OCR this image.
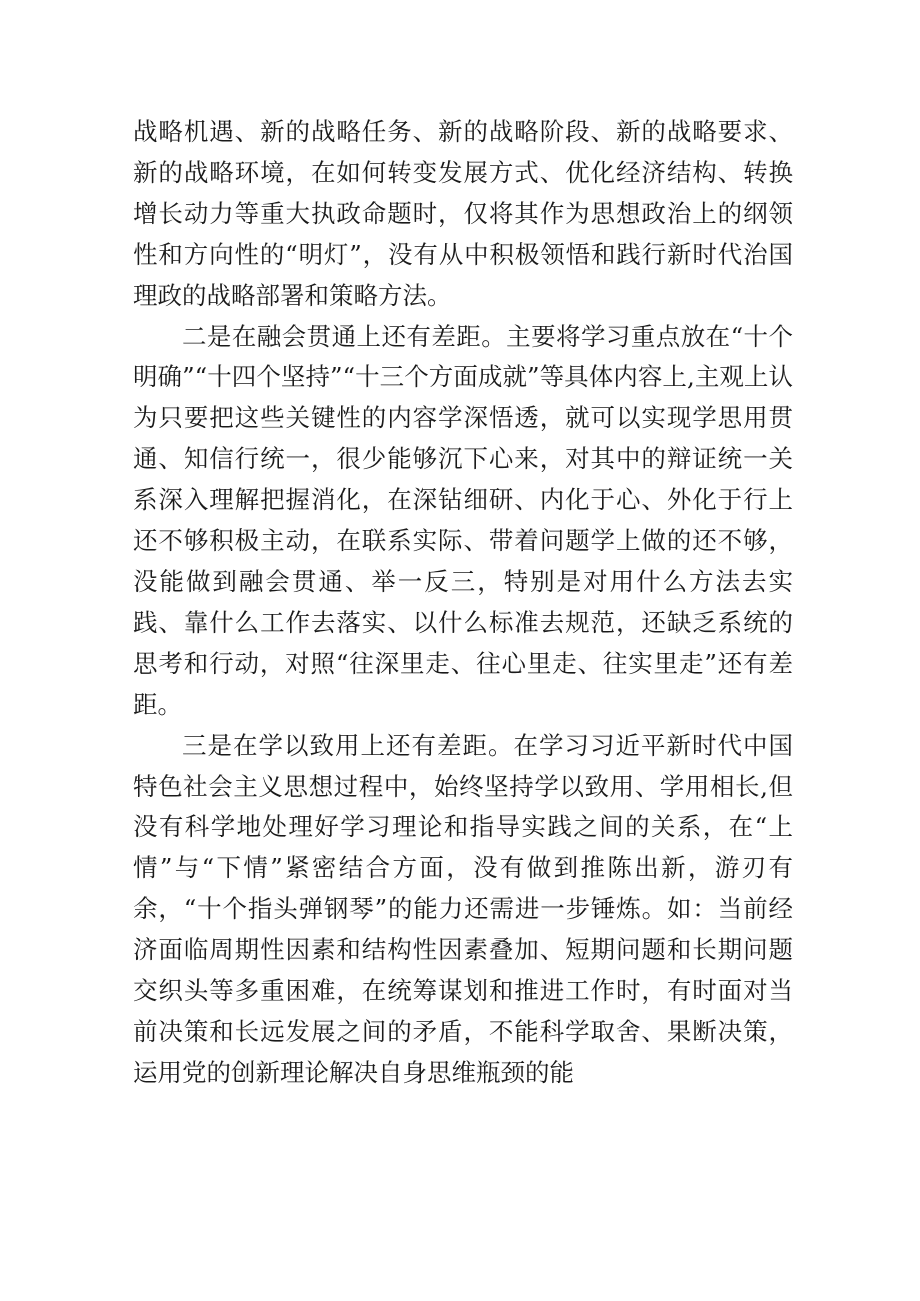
战略机遇、新的战略任务、新的战略阶段、新的战略要求、新的战略环境，在如何转变发展方式、优化经济结构、转换增长动力等重大执政命题时，仅将其作为思想政治上的纲领性和方向性的“明灯”，没有从中积极领悟和践行新时代治国理政的战略部署和策略方法。

二是在融会贯通上还有差距。主要将学习重点放在“十个明确”“十四个坚持”“十三个方面成就”等具体内容上,主观上认为只要把这些关键性的内容学深悟透，就可以实现学思用贯通、知信行统一，很少能够沉下心来，对其中的辩证统一关系深入理解把握消化，在深钻细研、内化于心、外化于行上还不够积极主动，在联系实际、带着问题学上做的还不够，没能做到融会贯通、举一反三，特别是对用什么方法去实践、靠什么工作去落实、以什么标准去规范，还缺乏系统的思考和行动，对照“往深里走、往心里走、往实里走”还有差距。

三是在学以致用上还有差距。在学习习近平新时代中国特色社会主义思想过程中，始终坚持学以致用、学用相长,但没有科学地处理好学习理论和指导实践之间的关系，在“上情”与“下情”紧密结合方面，没有做到推陈出新，游刃有余，“十个指头弹钢琴”的能力还需进一步锤炼。如：当前经济面临周期性因素和结构性因素叠加、短期问题和长期问题交织头等多重困难，在统筹谋划和推进工作时，有时面对当前决策和长远发展之间的矛盾，不能科学取舍、果断决策，运用党的创新理论解决自身思维瓶颈的能
